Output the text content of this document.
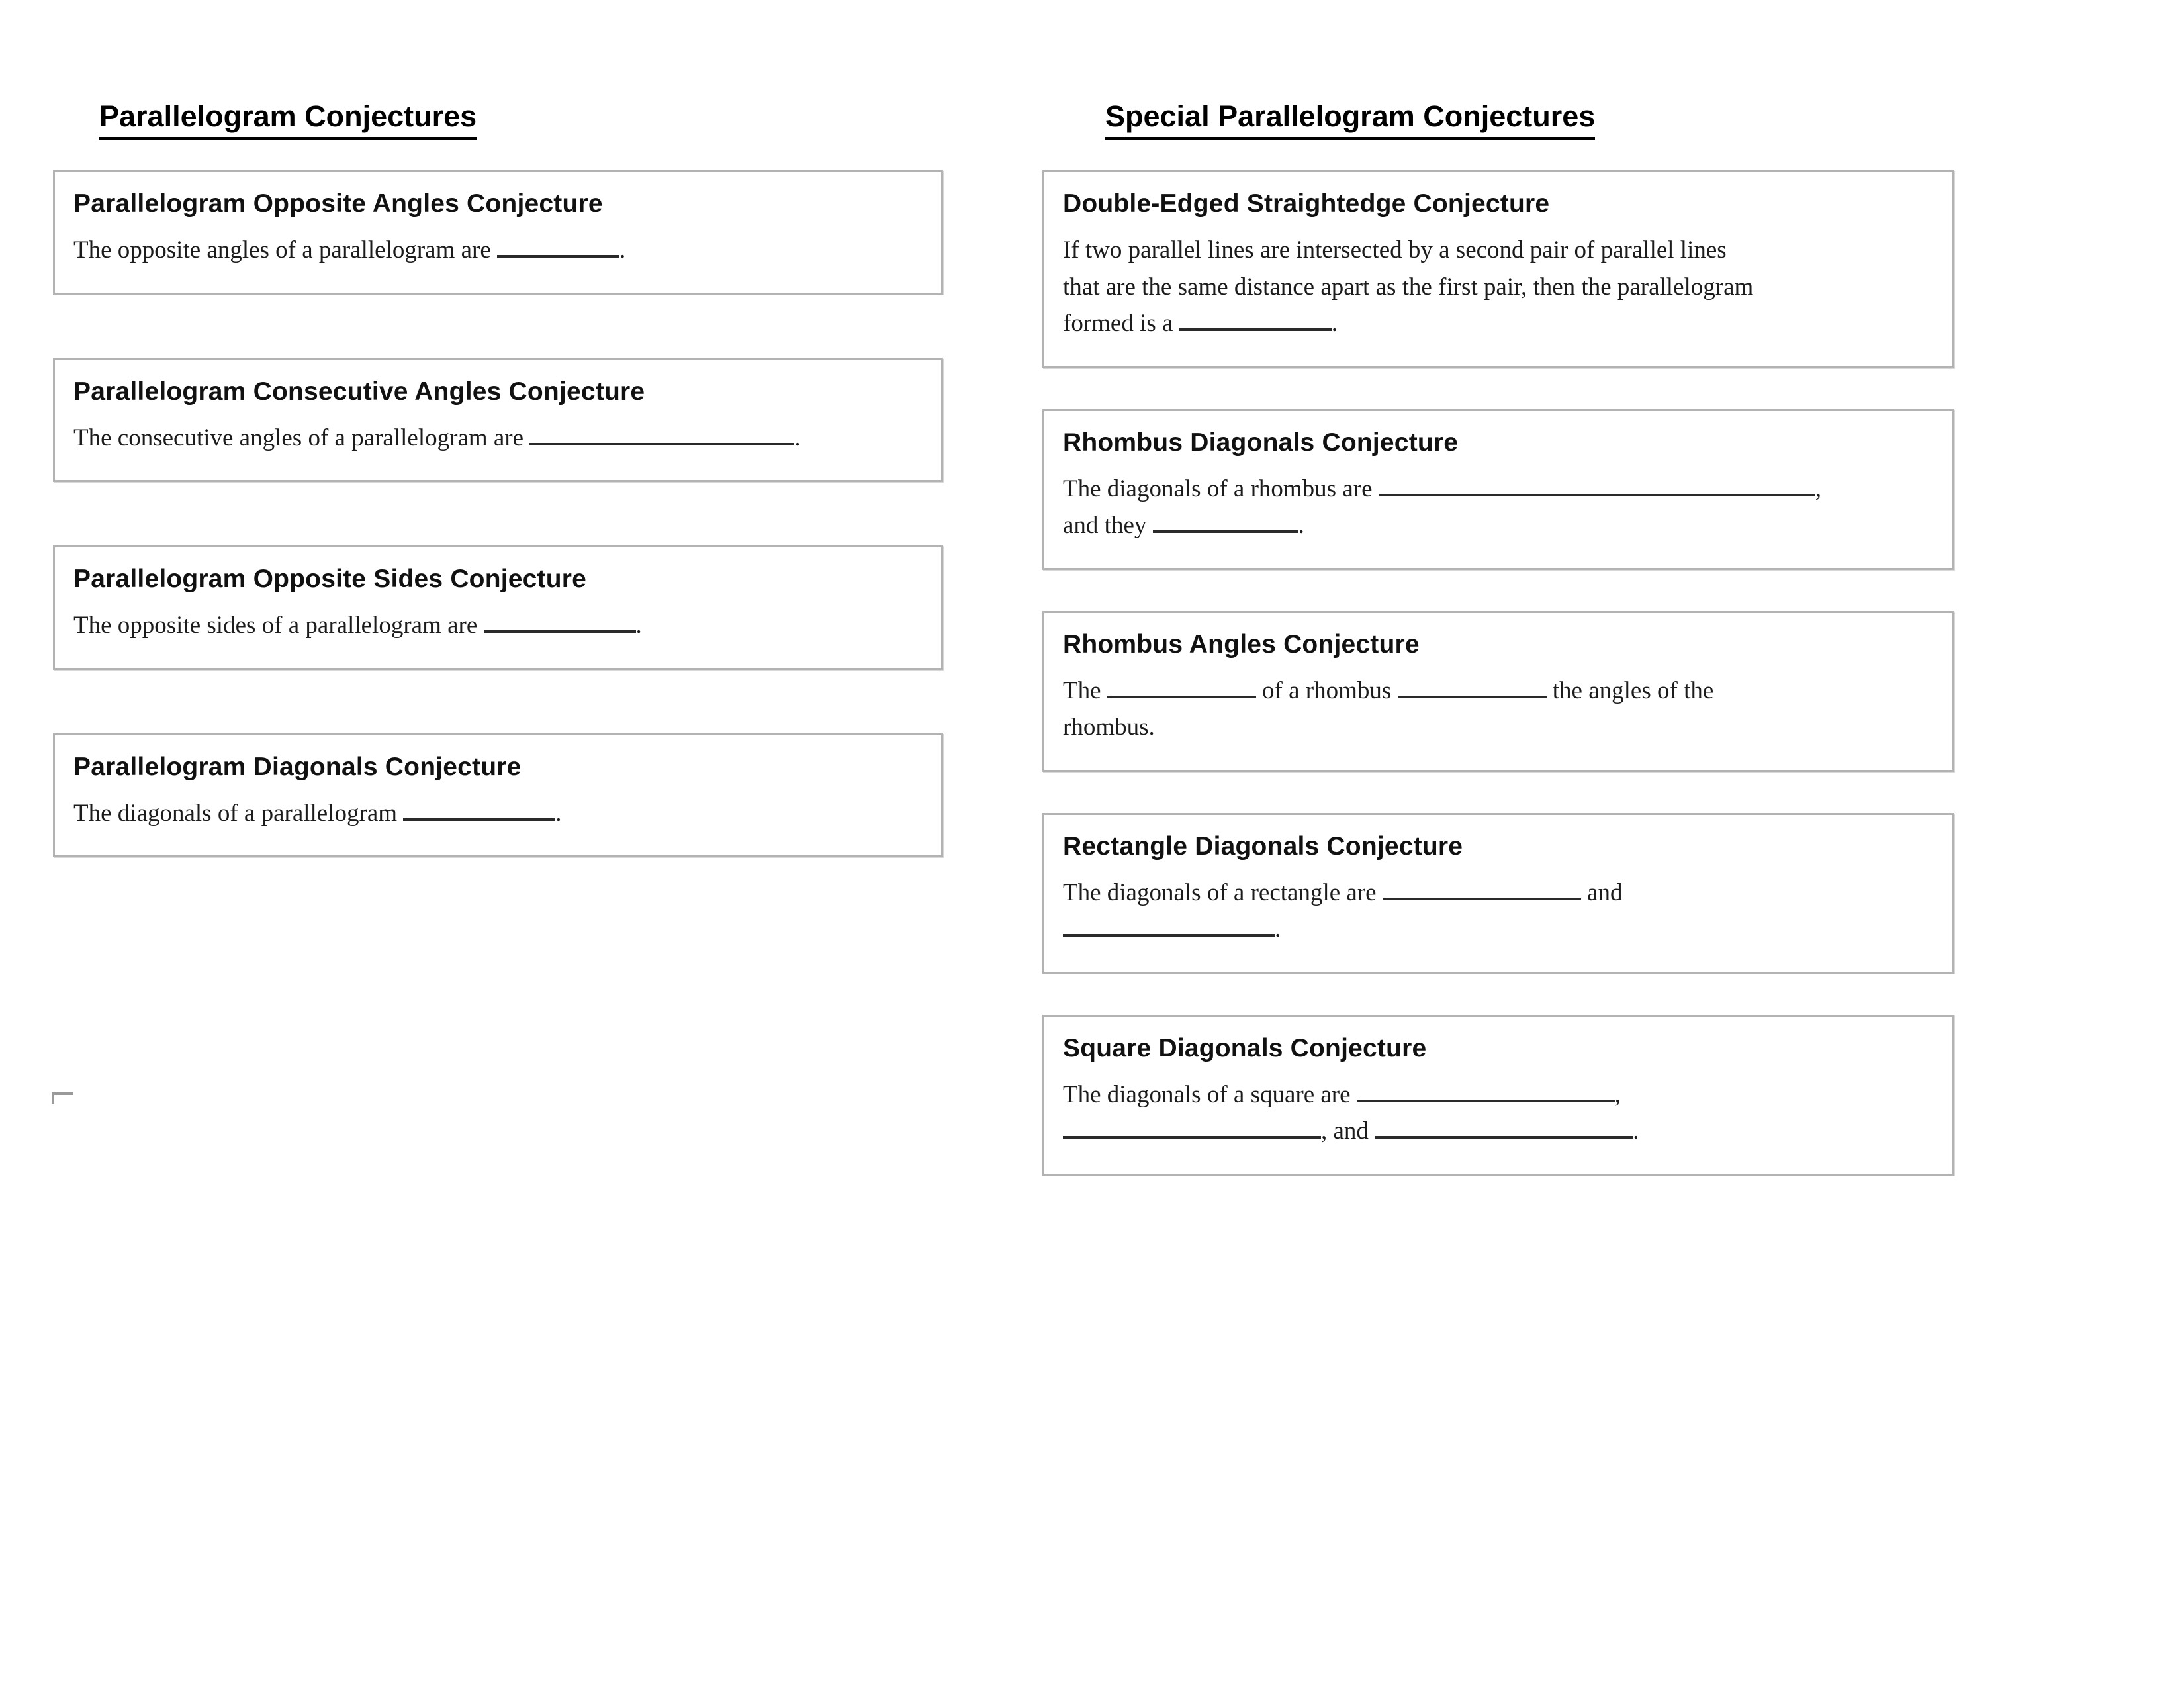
Parallelogram Conjectures
Parallelogram Opposite Angles Conjecture
The opposite angles of a parallelogram are	.
Parallelogram Consecutive Angles Conjecture
The consecutive angles of a parallelogram are	.
Parallelogram Opposite Sides Conjecture
The opposite sides of a parallelogram are	.
Parallelogram Diagonals Conjecture
The diagonals of a parallelogram	.
Special Parallelogram Conjectures
Double-Edged Straightedge Conjecture
If two parallel lines are intersected by a second pair of parallel lines
that are the same distance apart as the first pair, then the parallelogram
formed is a	.
Rhombus Diagonals Conjecture
The diagonals of a rhombus are	,
and they	.
Rhombus Angles Conjecture
The	of a rhombus	the angles of the
rhombus.
Rectangle Diagonals Conjecture
The diagonals of a rectangle are	and
.
Square Diagonals Conjecture
The diagonals of a square are	,
, and	.
